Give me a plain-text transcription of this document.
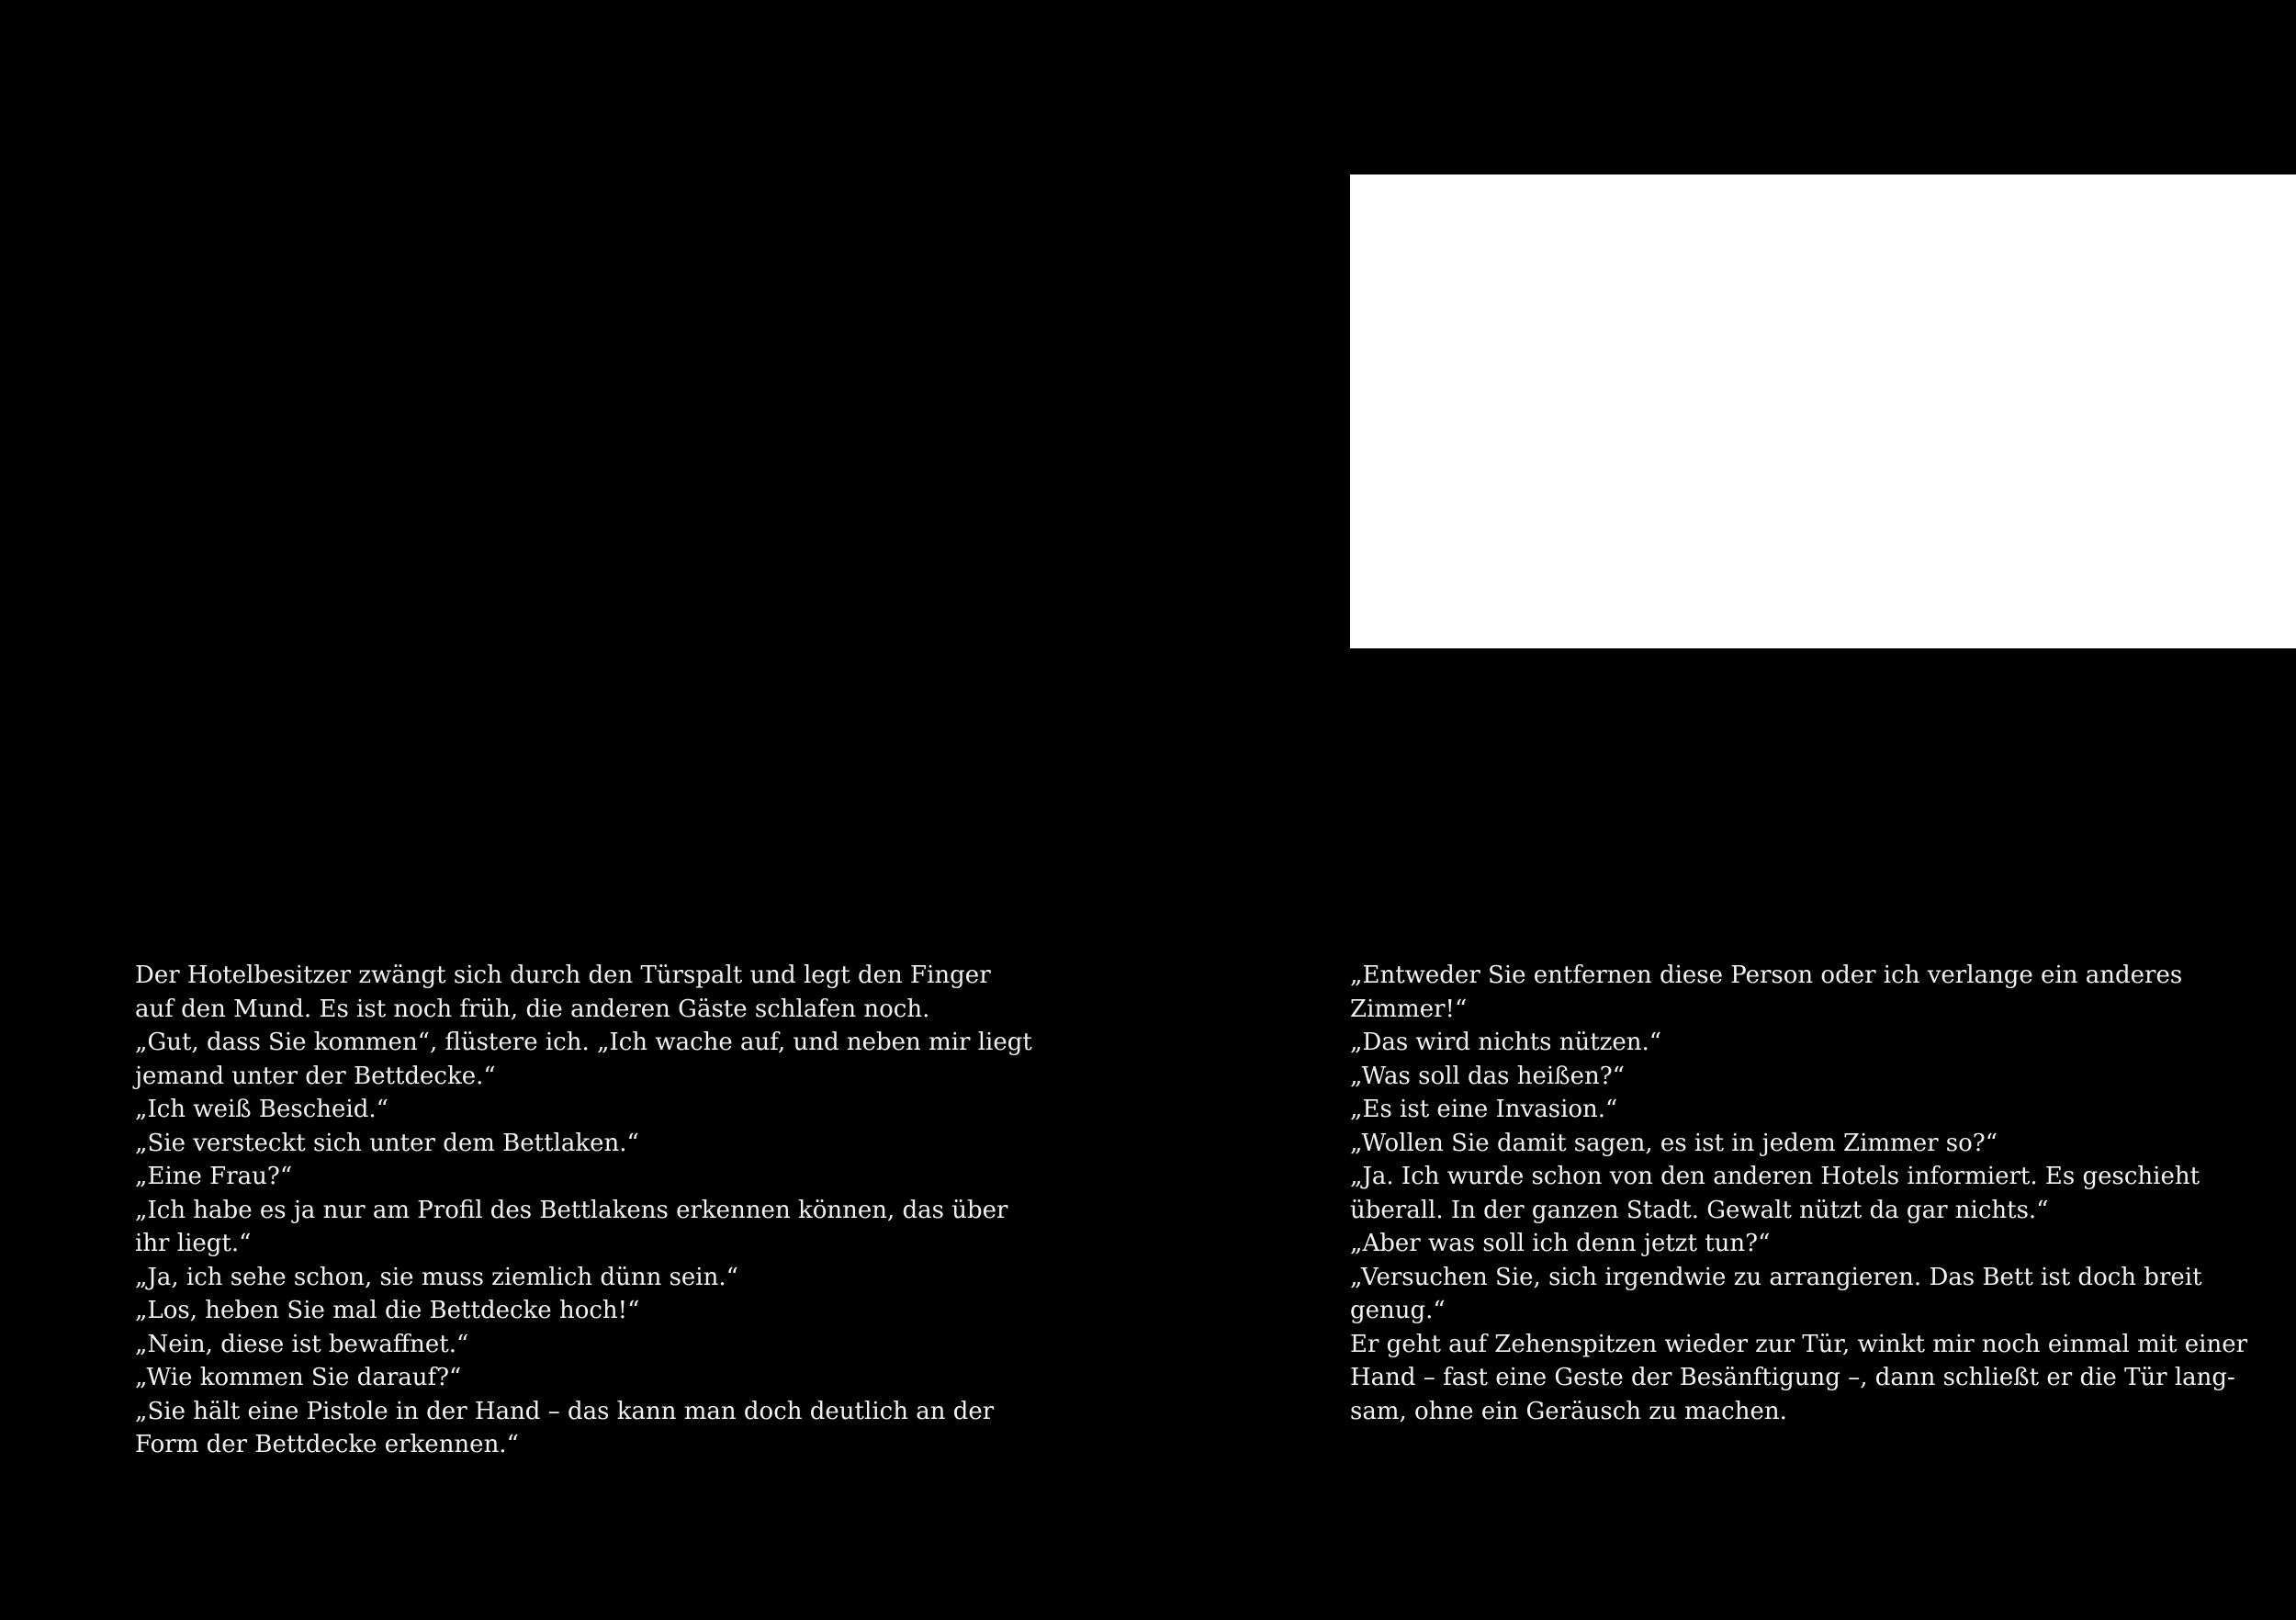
Der Hotelbesitzer zwängt sich durch den Türspalt und legt den Finger
auf den Mund. Es ist noch früh, die anderen Gäste schlafen noch.
„Gut, dass Sie kommen“, flüstere ich. „Ich wache auf, und neben mir liegt
jemand unter der Bettdecke.“
„Ich weiß Bescheid.“
„Sie versteckt sich unter dem Bettlaken.“
„Eine Frau?“
„Ich habe es ja nur am Profil des Bettlakens erkennen können, das über
ihr liegt.“
„Ja, ich sehe schon, sie muss ziemlich dünn sein.“
„Los, heben Sie mal die Bettdecke hoch!“
„Nein, diese ist bewaffnet.“
„Wie kommen Sie darauf?“
„Sie hält eine Pistole in der Hand – das kann man doch deutlich an der
Form der Bettdecke erkennen.“
„Entweder Sie entfernen diese Person oder ich verlange ein anderes
Zimmer!“
„Das wird nichts nützen.“
„Was soll das heißen?“
„Es ist eine Invasion.“
„Wollen Sie damit sagen, es ist in jedem Zimmer so?“
„Ja. Ich wurde schon von den anderen Hotels informiert. Es geschieht
überall. In der ganzen Stadt. Gewalt nützt da gar nichts.“
„Aber was soll ich denn jetzt tun?“
„Versuchen Sie, sich irgendwie zu arrangieren. Das Bett ist doch breit
genug.“
Er geht auf Zehenspitzen wieder zur Tür, winkt mir noch einmal mit einer
Hand – fast eine Geste der Besänftigung –, dann schließt er die Tür lang-
sam, ohne ein Geräusch zu machen.
